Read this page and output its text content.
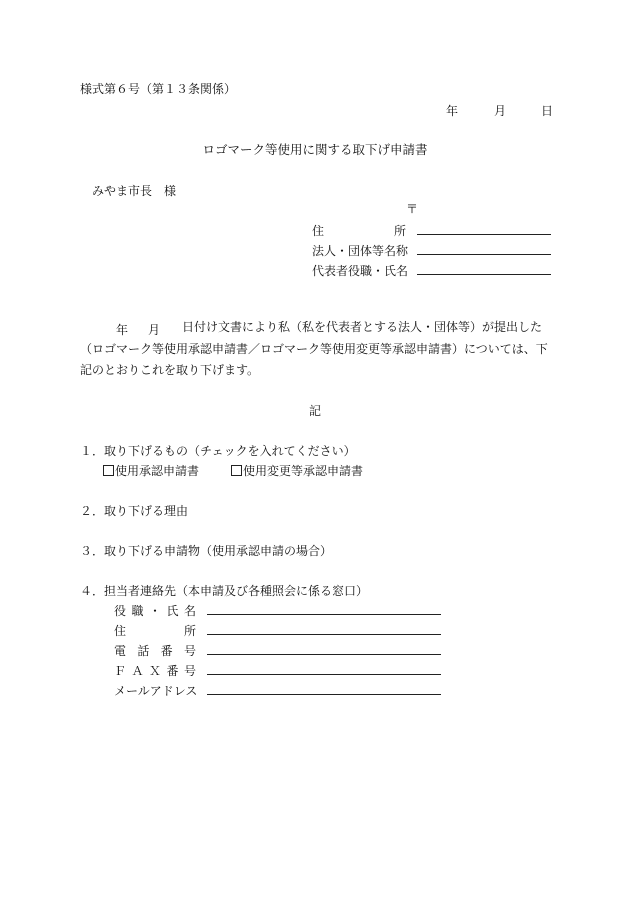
様式第６号（第１３条関係）
年	月	日
ロゴマーク等使用に関する取下げ申請書
みやま市長　様
〒
住	所
法人・団体等名称
代表者役職・氏名
年 月	日付け文書により私（私を代表者とする法人・団体等）が提出した（ロゴマーク等使用承認申請書／ロゴマーク等使用変更等承認申請書）については、下記のとおりこれを取り下げます。
記
１．取り下げるもの（チェックを入れてください）
使用承認申請書	使用変更等承認申請書
２．取り下げる理由
３．取り下げる申請物（使用承認申請の場合）
４．担当者連絡先（本申請及び各種照会に係る窓口）
役 職 ・ 氏 名
住	所
電 話 番 号
Ｆ Ａ Ｘ 番 号
メールアドレス
